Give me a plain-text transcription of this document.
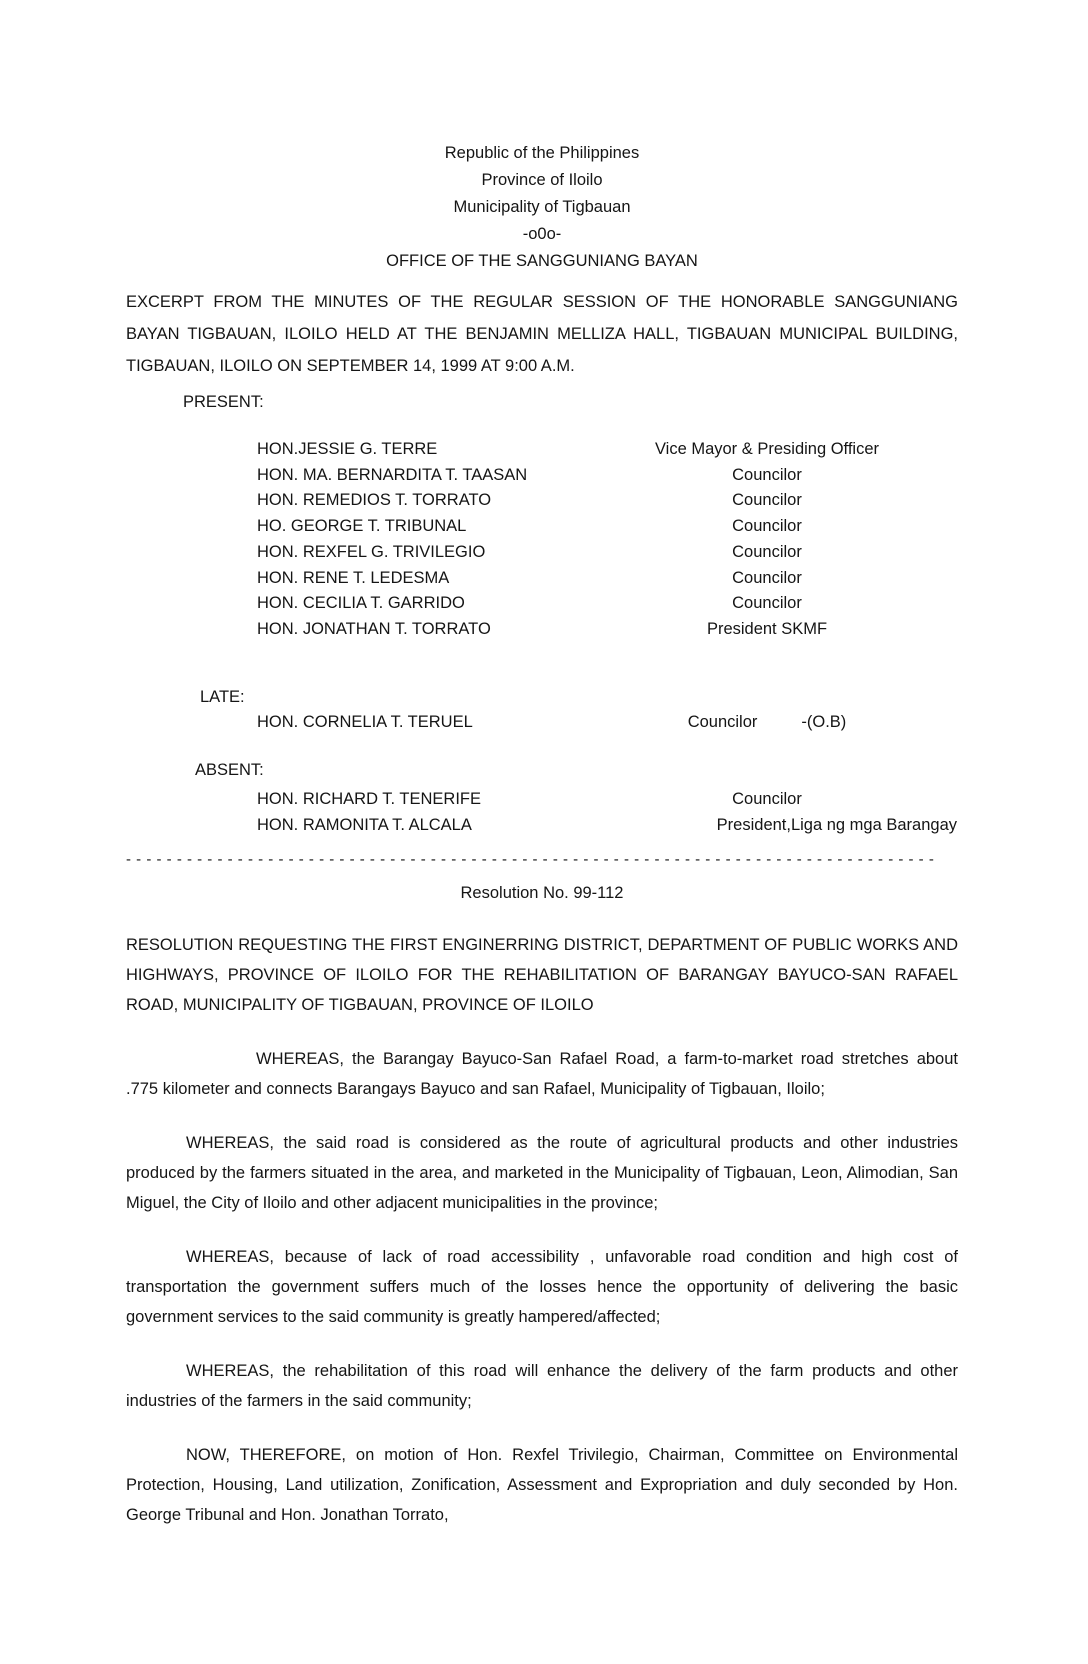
Republic of the Philippines
Province of Iloilo
Municipality of Tigbauan
-o0o-
OFFICE OF THE SANGGUNIANG BAYAN

EXCERPT FROM THE MINUTES OF THE REGULAR SESSION OF THE HONORABLE SANGGUNIANG BAYAN TIGBAUAN, ILOILO HELD AT THE BENJAMIN MELLIZA HALL, TIGBAUAN MUNICIPAL BUILDING, TIGBAUAN, ILOILO ON SEPTEMBER 14, 1999 AT 9:00 A.M.

PRESENT:
HON.JESSIE G. TERRE	Vice Mayor & Presiding Officer
HON. MA. BERNARDITA T. TAASAN	Councilor
HON. REMEDIOS T. TORRATO	Councilor
HO. GEORGE T. TRIBUNAL	Councilor
HON. REXFEL G. TRIVILEGIO	Councilor
HON. RENE T. LEDESMA	Councilor
HON. CECILIA T. GARRIDO	Councilor
HON. JONATHAN T. TORRATO	President SKMF
LATE:
HON. CORNELIA T. TERUEL	Councilor	-(O.B)
ABSENT:
HON. RICHARD T. TENERIFE	Councilor
HON. RAMONITA T. ALCALA	President,Liga ng mga Barangay
- - - - - - - - - - - - - - - - - - - - - - - - - - - - - - - - - - - - - - - - - - - - - - - - - - - - - - - - - - - - - - - - - - - - - - - - - - - - - - - -
Resolution No. 99-112

RESOLUTION REQUESTING THE FIRST ENGINERRING DISTRICT, DEPARTMENT OF PUBLIC WORKS AND HIGHWAYS, PROVINCE OF ILOILO FOR THE REHABILITATION OF BARANGAY BAYUCO-SAN RAFAEL ROAD, MUNICIPALITY OF TIGBAUAN, PROVINCE OF ILOILO

WHEREAS, the Barangay Bayuco-San Rafael Road, a farm-to-market road stretches about .775 kilometer and connects Barangays Bayuco and san Rafael, Municipality of Tigbauan, Iloilo;

WHEREAS, the said road is considered as the route of agricultural products and other industries produced by the farmers situated in the area, and marketed in the Municipality of Tigbauan, Leon, Alimodian, San Miguel, the City of Iloilo and other adjacent municipalities in the province;

WHEREAS, because of lack of road accessibility , unfavorable road condition and high cost of transportation the government suffers much of the losses hence the opportunity of delivering the basic government services to the said community is greatly hampered/affected;

WHEREAS, the rehabilitation of this road will enhance the delivery of the farm products and other industries of the farmers in the said community;

NOW, THEREFORE, on motion of Hon. Rexfel Trivilegio, Chairman, Committee on Environmental Protection, Housing, Land utilization, Zonification, Assessment and Expropriation and duly seconded by Hon. George Tribunal and Hon. Jonathan Torrato,
